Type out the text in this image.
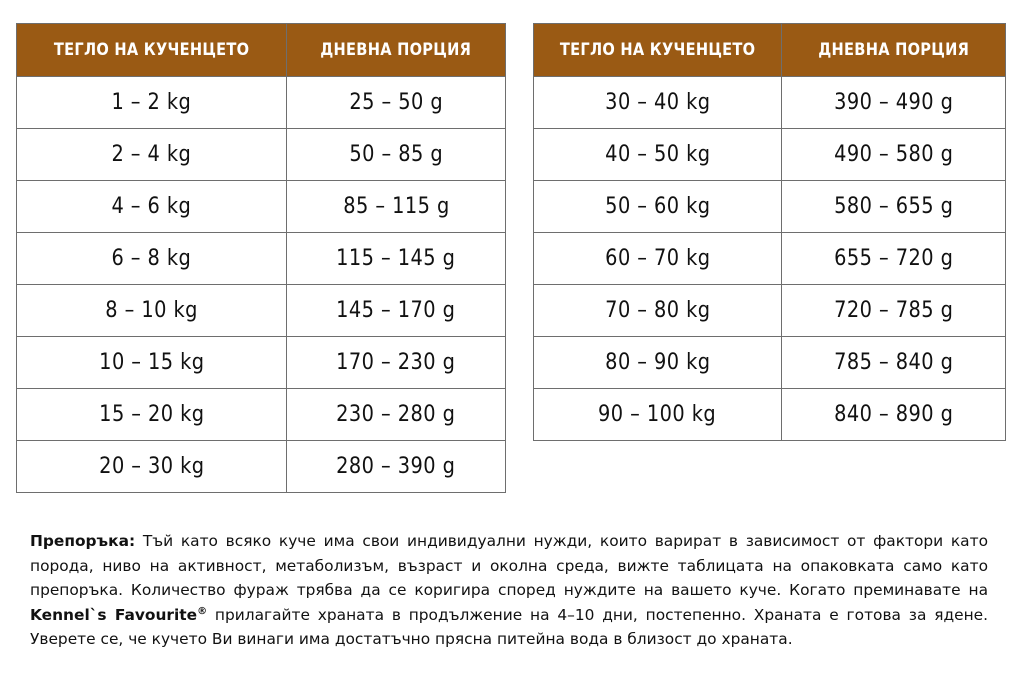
ТЕГЛО НА КУЧЕНЦЕТО	ДНЕВНА ПОРЦИЯ
1 – 2 kg	25 – 50 g
2 – 4 kg	50 – 85 g
4 – 6 kg	85 – 115 g
6 – 8 kg	115 – 145 g
8 – 10 kg	145 – 170 g
10 – 15 kg	170 – 230 g
15 – 20 kg	230 – 280 g
20 – 30 kg	280 – 390 g
ТЕГЛО НА КУЧЕНЦЕТО	ДНЕВНА ПОРЦИЯ
30 – 40 kg	390 – 490 g
40 – 50 kg	490 – 580 g
50 – 60 kg	580 – 655 g
60 – 70 kg	655 – 720 g
70 – 80 kg	720 – 785 g
80 – 90 kg	785 – 840 g
90 – 100 kg	840 – 890 g

Препоръка: Тъй като всяко куче има свои индивидуални нужди, които варират в зависимост от фактори като порода, ниво на активност, метаболизъм, възраст и околна среда, вижте таблицата на опаковката само като препоръка. Количество фураж трябва да се коригира според нуждите на вашето куче. Когато преминавате на Kennel`s Favourite® прилагайте храната в продължение на 4–10 дни, постепенно. Храната е готова за ядене. Уверете се, че кучето Ви винаги има достатъчно прясна питейна вода в близост до храната.
